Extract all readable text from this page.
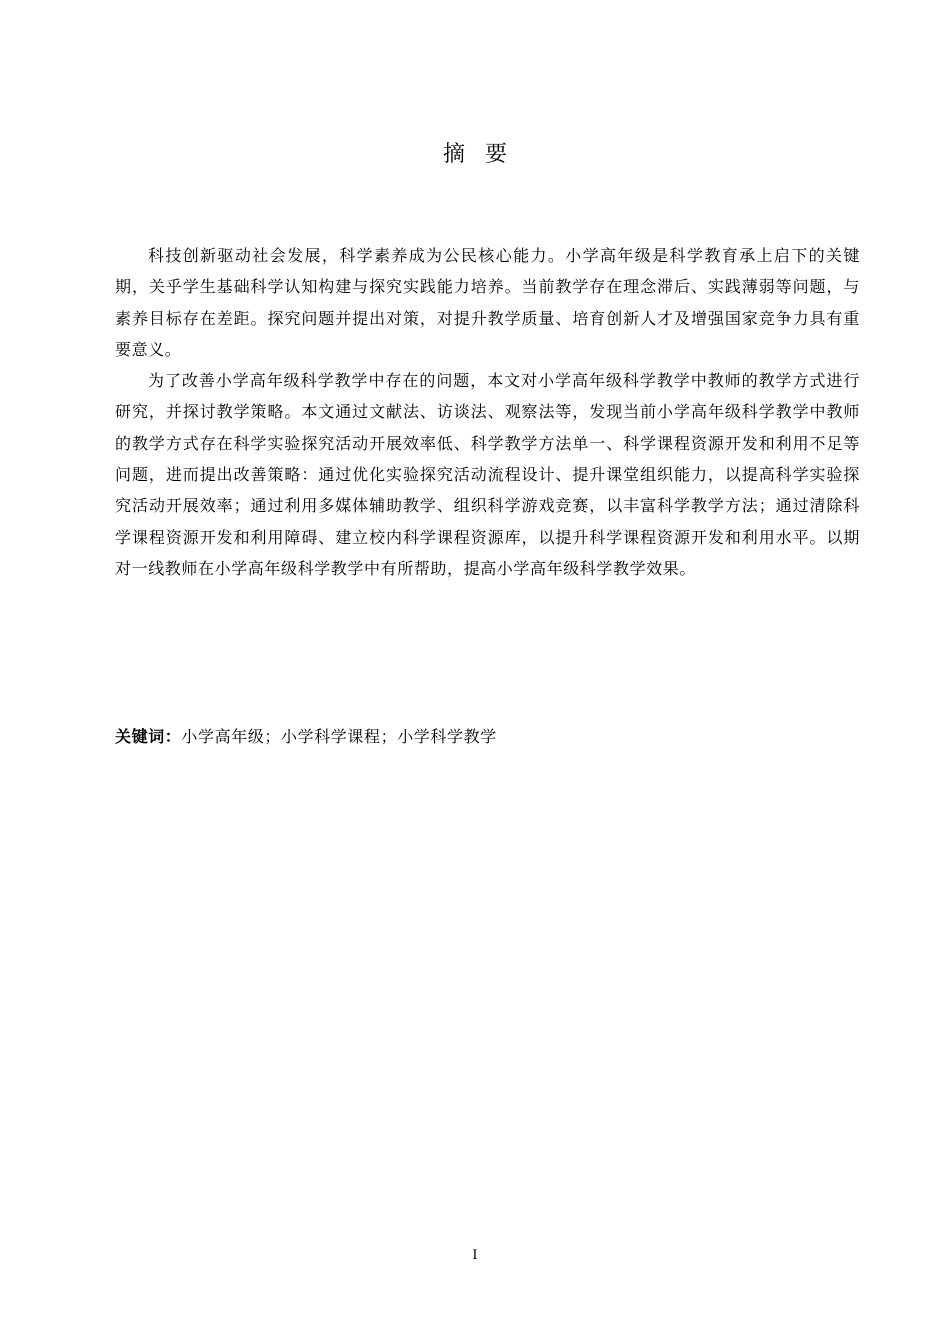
摘要

科技创新驱动社会发展，科学素养成为公民核心能力。小学高年级是科学教育承上启下的关键期，关乎学生基础科学认知构建与探究实践能力培养。当前教学存在理念滞后、实践薄弱等问题，与素养目标存在差距。探究问题并提出对策，对提升教学质量、培育创新人才及增强国家竞争力具有重要意义。

为了改善小学高年级科学教学中存在的问题，本文对小学高年级科学教学中教师的教学方式进行研究，并探讨教学策略。本文通过文献法、访谈法、观察法等，发现当前小学高年级科学教学中教师的教学方式存在科学实验探究活动开展效率低、科学教学方法单一、科学课程资源开发和利用不足等问题，进而提出改善策略：通过优化实验探究活动流程设计、提升课堂组织能力，以提高科学实验探究活动开展效率；通过利用多媒体辅助教学、组织科学游戏竞赛，以丰富科学教学方法；通过清除科学课程资源开发和利用障碍、建立校内科学课程资源库，以提升科学课程资源开发和利用水平。以期对一线教师在小学高年级科学教学中有所帮助，提高小学高年级科学教学效果。

关键词：小学高年级；小学科学课程；小学科学教学
I
